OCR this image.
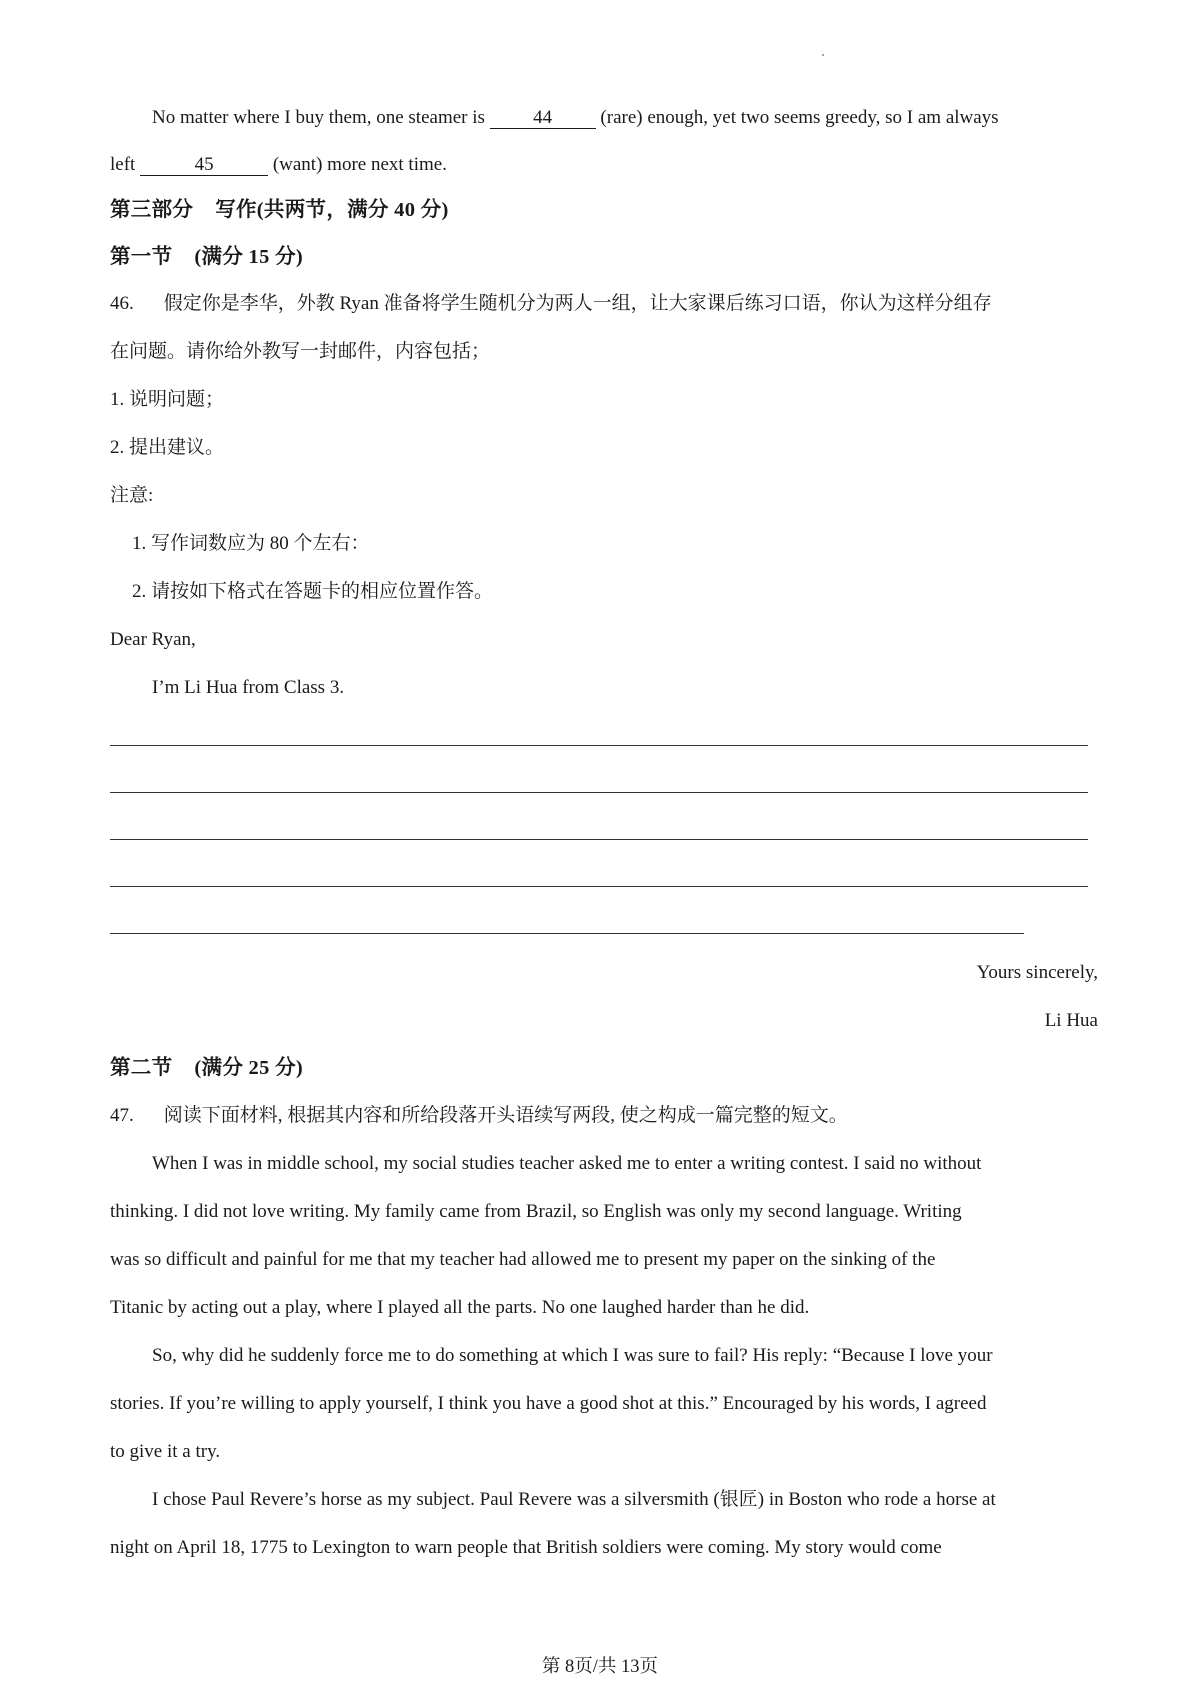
No matter where I buy them, one steamer is 44 (rare) enough, yet two seems greedy, so I am always
left	45	(want) more next time.
第三部分 写作(共两节，满分 40 分)
第一节 (满分 15 分)
46. 假定你是李华，外教 Ryan 准备将学生随机分为两人一组，让大家课后练习口语，你认为这样分组存
在问题。请你给外教写一封邮件，内容包括；
1. 说明问题；
2. 提出建议。
注意:
1. 写作词数应为 80 个左右：
2. 请按如下格式在答题卡的相应位置作答。
Dear Ryan,
I’m Li Hua from Class 3.
Yours sincerely,
Li Hua
第二节 (满分 25 分)
47. 阅读下面材料, 根据其内容和所给段落开头语续写两段, 使之构成一篇完整的短文。
When I was in middle school, my social studies teacher asked me to enter a writing contest. I said no without
thinking. I did not love writing. My family came from Brazil, so English was only my second language. Writing
was so difficult and painful for me that my teacher had allowed me to present my paper on the sinking of the
Titanic by acting out a play, where I played all the parts. No one laughed harder than he did.
So, why did he suddenly force me to do something at which I was sure to fail? His reply: “Because I love your
stories. If you’re willing to apply yourself, I think you have a good shot at this.” Encouraged by his words, I agreed
to give it a try.
I chose Paul Revere’s horse as my subject. Paul Revere was a silversmith (银匠) in Boston who rode a horse at
night on April 18, 1775 to Lexington to warn people that British soldiers were coming. My story would come
第 8页/共 13页
